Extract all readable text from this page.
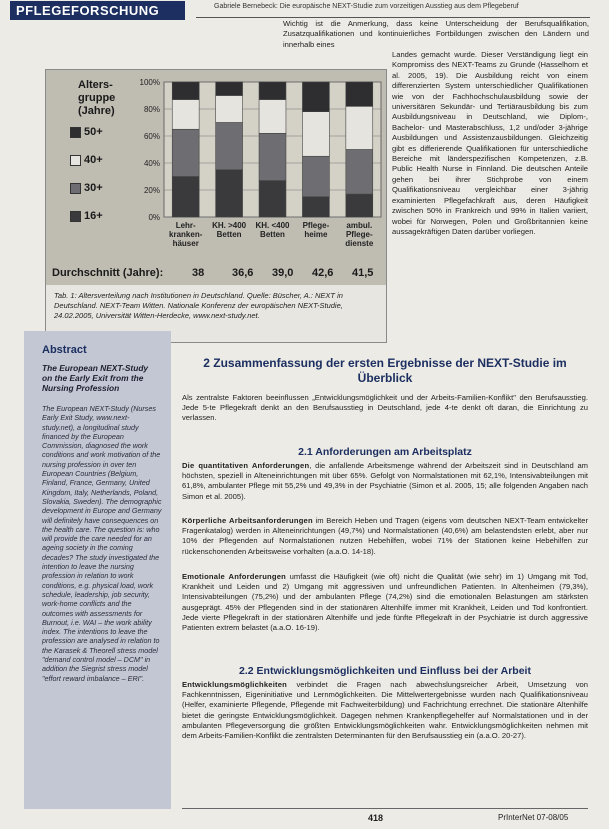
PFLEGEFORSCHUNG	Gabriele Bernebeck: Die europäische NEXT-Studie zum vorzeitigen Ausstieg aus dem Pflegeberuf
Wichtig ist die Anmerkung, dass keine Unterscheidung der Berufsqualifikation, Zusatzqualifikationen und kontinuierliches Fortbildungen zwischen den Ländern und innerhalb eines
Alters-
gruppe
(Jahre)
50+
40+
30+
16+	0%
20%
40%
60%
80%
100%
Lehr-
kranken-
häuser
KH. >400
Betten
KH. <400
Betten
Pflege-
heime
ambul.
Pflege-
dienste
Durchschnitt (Jahre):	38	36,6 39,0 42,6 41,5
Tab. 1: Altersverteilung nach Institutionen in Deutschland. Quelle: Büscher, A.: NEXT in Deutschland. NEXT-Team Witten. Nationale Konferenz der europäischen NEXT-Studie, 24.02.2005, Universität Witten-Herdecke, www.next-study.net.
Landes gemacht wurde. Dieser Verständigung liegt ein Kompromiss des NEXT-Teams zu Grunde (Hasselhorn et al. 2005, 19). Die Ausbildung reicht von einem differenzierten System unterschiedlicher Qualifikationen wie von der Fachhochschulausbildung sowie der universitären Sekundär- und Tertiärausbildung bis zum Ausbildungsniveau in Deutschland, wie Diplom-, Bachelor- und Masterabschluss, 1,2 und/oder 3-jährige Ausbildungen und Assistenzausbildungen. Gleichzeitig gibt es differierende Qualifikationen für unterschiedliche Bereiche mit länderspezifischen Kompetenzen, z.B. Public Health Nurse in Finnland. Die deutschen Anteile gehen bei ihrer Stichprobe von einem Qualifikationsniveau vergleichbar einer 3-jährig examinierten Pflegefachkraft aus, deren Häufigkeit zwischen 50% in Frankreich und 99% in Italien variiert, wobei für Norwegen, Polen und Großbritannien keine aussagekräftigen Daten darüber vorliegen.
Abstract
The European NEXT-Study on the Early Exit from the Nursing Profession
The European NEXT-Study (Nurses Early Exit Study, www.next-study.net), a longitudinal study financed by the European Commission, diagnosed the work conditions and work motivation of the nursing profession in over ten European Countries (Belgium, Finland, France, Germany, United Kingdom, Italy, Netherlands, Poland, Slovakia, Sweden). The demographic development in Europe and Germany will definitely have consequences on the health care. The question is: who will provide the care needed for an ageing society in the coming decades? The study investigated the intention to leave the nursing profession in relation to work conditions, e.g. physical load, work schedule, leadership, job security, work-home conflicts and the outcomes with assessments for Burnout, i.e. WAI – the work ability index. The intentions to leave the profession are analysed in relation to the Karasek & Theorell stress model "demand control model – DCM" in addition the Siegrist stress model "effort reward imbalance – ERI".
2 Zusammenfassung der ersten Ergebnisse der NEXT-Studie im Überblick
Als zentralste Faktoren beeinflussen „Entwicklungsmöglichkeit und der Arbeits-Familien-Konflikt" den Berufsausstieg. Jede 5-te Pflegekraft denkt an den Berufsausstieg in Deutschland, jede 4-te denkt oft daran, die Einrichtung zu verlassen.
2.1 Anforderungen am Arbeitsplatz
Die quantitativen Anforderungen, die anfallende Arbeitsmenge während der Arbeitszeit sind in Deutschland am höchsten, speziell in Alteneinrichtungen mit über 65%. Gefolgt von Normalstationen mit 62,1%, Intensivabteilungen mit 61,8%, ambulanter Pflege mit 55,2% und 49,3% in der Psychiatrie (Simon et al. 2005, 15; alle folgenden Angaben nach Simon et al. 2005).
Körperliche Arbeitsanforderungen im Bereich Heben und Tragen (eigens vom deutschen NEXT-Team entwickelter Fragenkatalog) werden in Alteneinrichtungen (49,7%) und Normalstationen (40,6%) am belastendsten erlebt, aber nur 10% der Pflegenden auf Normalstationen nutzen Hebehilfen, wobei 71% der Stationen keine Hebehilfen zur rückenschonenden Arbeitsweise vorhalten (a.a.O. 14-18).
Emotionale Anforderungen umfasst die Häufigkeit (wie oft) nicht die Qualität (wie sehr) im 1) Umgang mit Tod, Krankheit und Leiden und 2) Umgang mit aggressiven und unfreundlichen Patienten. In Altenheimen (79,3%), Intensivabteilungen (75,2%) und der ambulanten Pflege (74,2%) sind die emotionalen Belastungen am stärksten ausgeprägt. 45% der Pflegenden sind in der stationären Altenhilfe immer mit Krankheit, Leiden und Tod konfrontiert. Jede vierte Pflegekraft in der stationären Altenhilfe und jede fünfte Pflegekraft in der Psychiatrie ist durch aggressive Patienten extrem belastet (a.a.O. 16-19).
2.2 Entwicklungsmöglichkeiten und Einfluss bei der Arbeit
Entwicklungsmöglichkeiten verbindet die Fragen nach abwechslungsreicher Arbeit, Umsetzung von Fachkenntnissen, Eigeninitiative und Lernmöglichkeiten. Die Mittelwertergebnisse wurden nach Qualifikationsniveau (Helfer, examinierte Pflegende, Pflegende mit Fachweiterbildung) und Fachrichtung errechnet. Die stationäre Altenhilfe bietet die geringste Entwicklungsmöglichkeit. Dagegen nehmen Krankenpflegehelfer auf Normalstationen und in der ambulanten Pflegeversorgung die größten Entwicklungsmöglichkeiten wahr. Entwicklungsmöglichkeiten nehmen mit dem Arbeits-Familien-Konflikt die zentralsten Determinanten für den Berufsausstieg ein (a.a.O. 20-27).
418	PrInterNet 07-08/05
